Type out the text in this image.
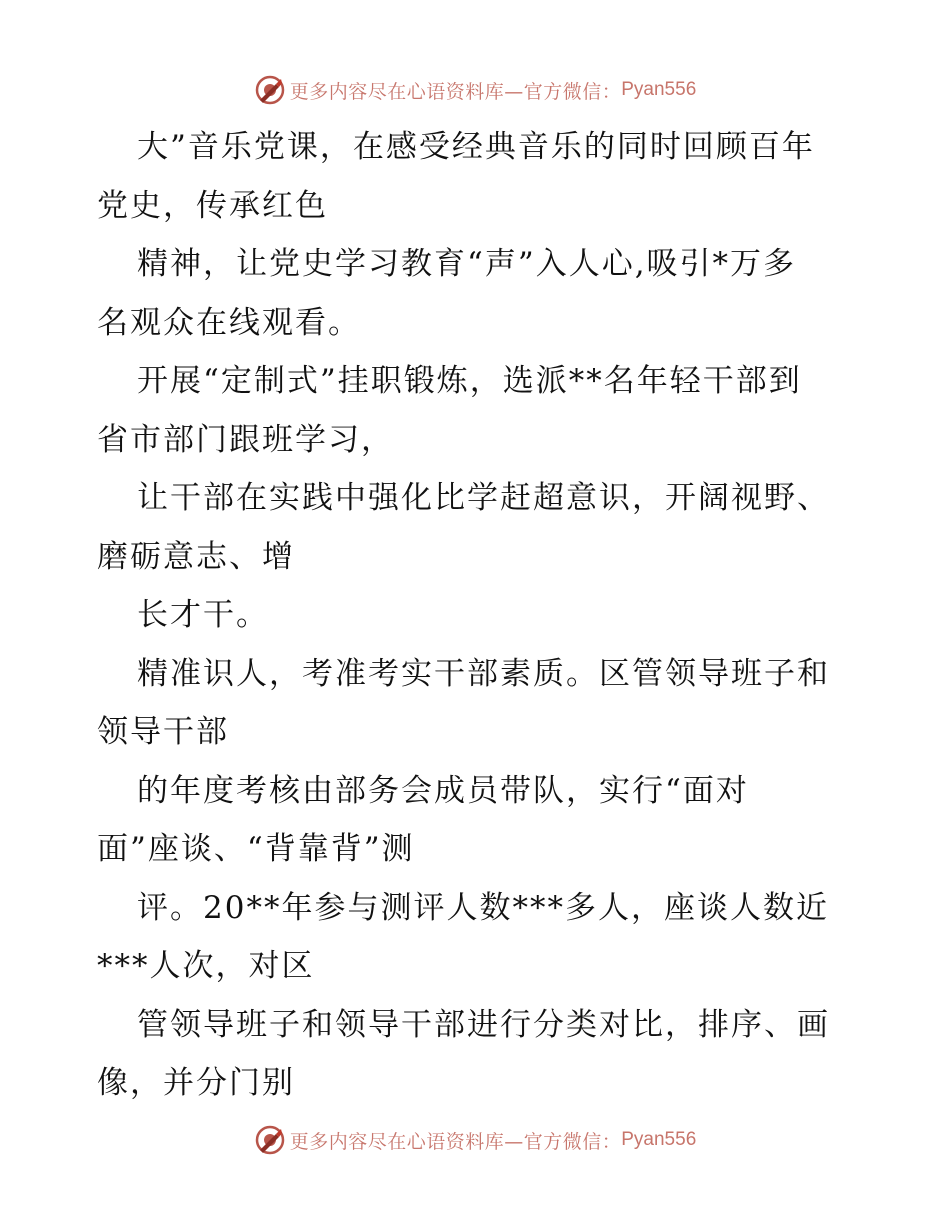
更多内容尽在心语资料库—官方微信： Pyan556
大”音乐党课，在感受经典音乐的同时回顾百年
党史，传承红色
精神，让党史学习教育“声”入人心,吸引*万多
名观众在线观看。
开展“定制式”挂职锻炼，选派**名年轻干部到
省市部门跟班学习，
让干部在实践中强化比学赶超意识，开阔视野、
磨砺意志、增
长才干。
精准识人，考准考实干部素质。区管领导班子和
领导干部
的年度考核由部务会成员带队，实行“面对
面”座谈、“背靠背”测
评。20**年参与测评人数***多人，座谈人数近
***人次，对区
管领导班子和领导干部进行分类对比，排序、画
像，并分门别
更多内容尽在心语资料库—官方微信： Pyan556
